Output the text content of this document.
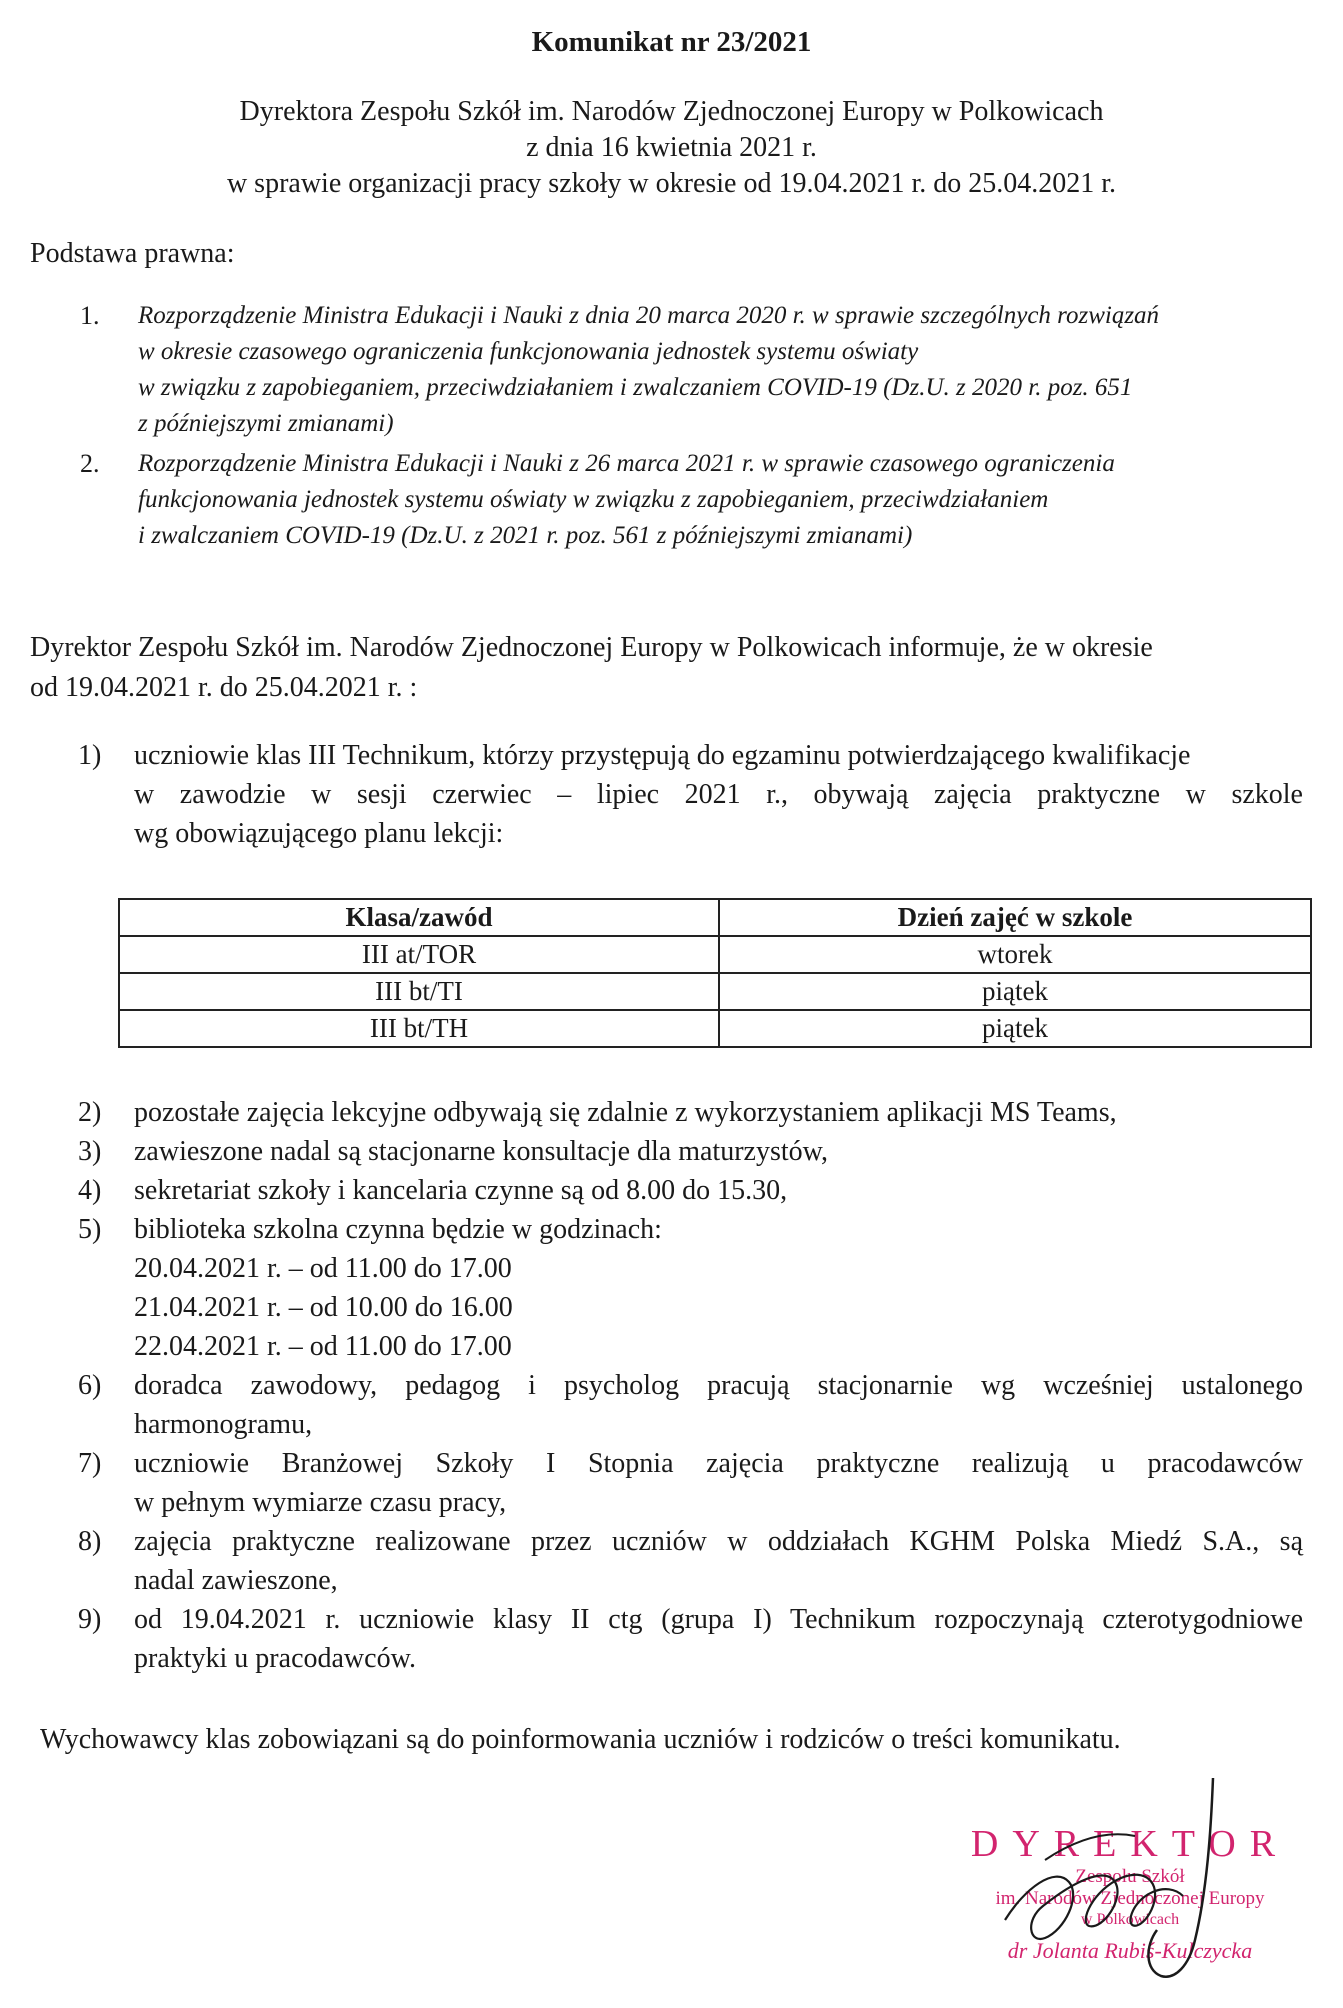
Komunikat nr 23/2021
Dyrektora Zespołu Szkół im. Narodów Zjednoczonej Europy w Polkowicach
z dnia 16 kwietnia 2021 r.
w sprawie organizacji pracy szkoły w okresie od 19.04.2021 r. do 25.04.2021 r.
Podstawa prawna:
1. Rozporządzenie Ministra Edukacji i Nauki z dnia 20 marca 2020 r. w sprawie szczególnych rozwiązań
w okresie czasowego ograniczenia funkcjonowania jednostek systemu oświaty
w związku z zapobieganiem, przeciwdziałaniem i zwalczaniem COVID-19 (Dz.U. z 2020 r. poz. 651
z późniejszymi zmianami)
2. Rozporządzenie Ministra Edukacji i Nauki z 26 marca 2021 r. w sprawie czasowego ograniczenia
funkcjonowania jednostek systemu oświaty w związku z zapobieganiem, przeciwdziałaniem
i zwalczaniem COVID-19 (Dz.U. z 2021 r. poz. 561 z późniejszymi zmianami)
Dyrektor Zespołu Szkół im. Narodów Zjednoczonej Europy w Polkowicach informuje, że w okresie
od 19.04.2021 r. do 25.04.2021 r. :
1) uczniowie klas III Technikum, którzy przystępują do egzaminu potwierdzającego kwalifikacje
w zawodzie w sesji czerwiec – lipiec 2021 r., obywają zajęcia praktyczne w szkole
wg obowiązującego planu lekcji:
Klasa/zawód	Dzień zajęć w szkole
III at/TOR	wtorek
III bt/TI	piątek
III bt/TH	piątek
2) pozostałe zajęcia lekcyjne odbywają się zdalnie z wykorzystaniem aplikacji MS Teams,
3) zawieszone nadal są stacjonarne konsultacje dla maturzystów,
4) sekretariat szkoły i kancelaria czynne są od 8.00 do 15.30,
5) biblioteka szkolna czynna będzie w godzinach:
20.04.2021 r. – od 11.00 do 17.00
21.04.2021 r. – od 10.00 do 16.00
22.04.2021 r. – od 11.00 do 17.00
6) doradca zawodowy, pedagog i psycholog pracują stacjonarnie wg wcześniej ustalonego
harmonogramu,
7) uczniowie Branżowej Szkoły I Stopnia zajęcia praktyczne realizują u pracodawców
w pełnym wymiarze czasu pracy,
8) zajęcia praktyczne realizowane przez uczniów w oddziałach KGHM Polska Miedź S.A., są
nadal zawieszone,
9) od 19.04.2021 r. uczniowie klasy II ctg (grupa I) Technikum rozpoczynają czterotygodniowe
praktyki u pracodawców.
Wychowawcy klas zobowiązani są do poinformowania uczniów i rodziców o treści komunikatu.
DYREKTOR
Zespołu Szkół
im. Narodów Zjednoczonej Europy
w Polkowicach
dr Jolanta Rubiś-Kulczycka
